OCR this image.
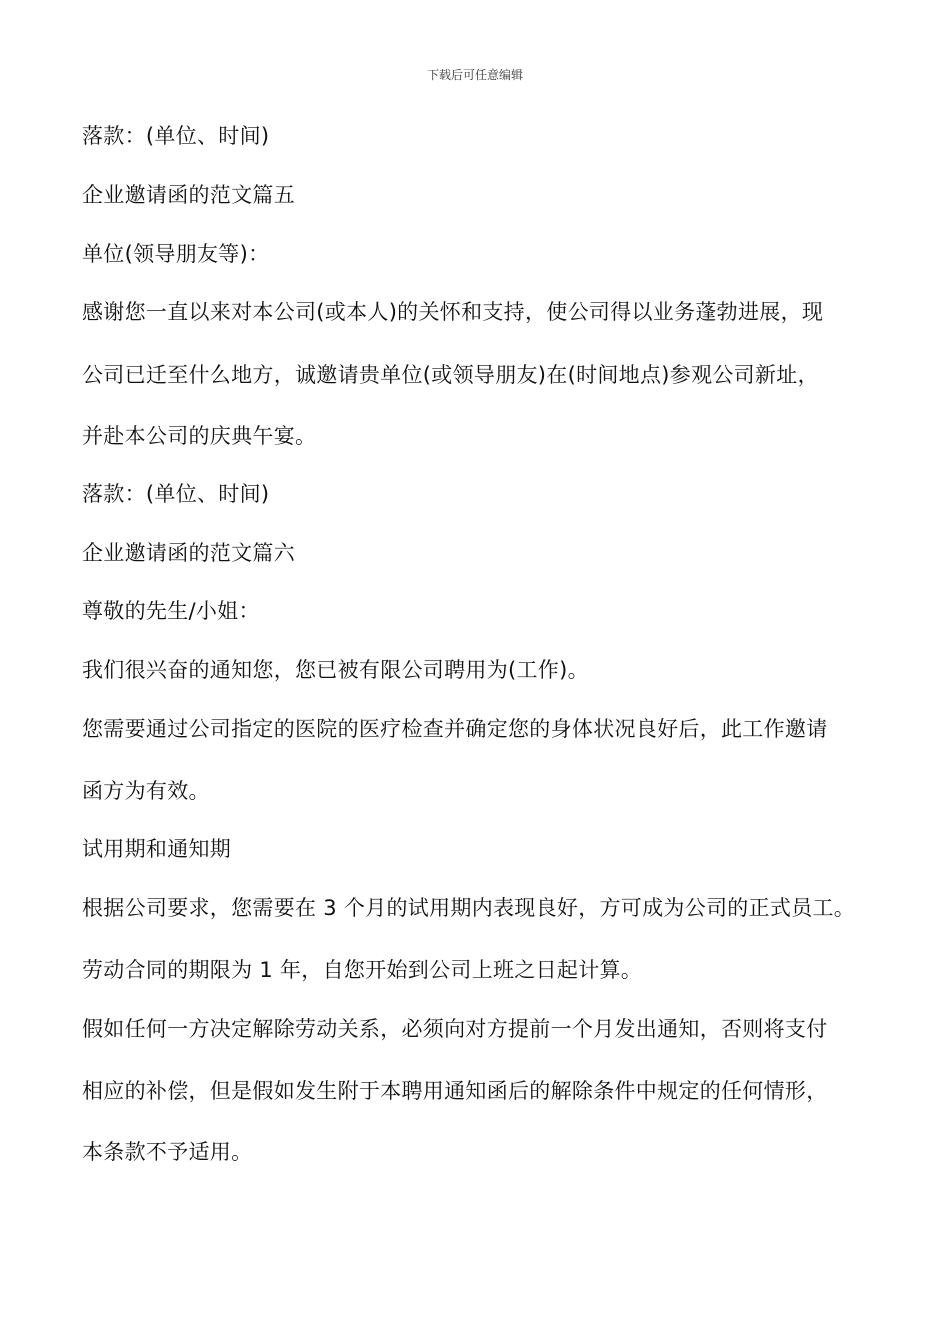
下载后可任意编辑
落款：(单位、时间)
企业邀请函的范文篇五
单位(领导朋友等)：
感谢您一直以来对本公司(或本人)的关怀和支持，使公司得以业务蓬勃进展，现
公司已迁至什么地方，诚邀请贵单位(或领导朋友)在(时间地点)参观公司新址，
并赴本公司的庆典午宴。
落款：(单位、时间)
企业邀请函的范文篇六
尊敬的先生/小姐：
我们很兴奋的通知您，您已被有限公司聘用为(工作)。
您需要通过公司指定的医院的医疗检查并确定您的身体状况良好后，此工作邀请
函方为有效。
试用期和通知期
根据公司要求，您需要在 3 个月的试用期内表现良好，方可成为公司的正式员工。
劳动合同的期限为 1 年，自您开始到公司上班之日起计算。
假如任何一方决定解除劳动关系，必须向对方提前一个月发出通知，否则将支付
相应的补偿，但是假如发生附于本聘用通知函后的解除条件中规定的任何情形，
本条款不予适用。
